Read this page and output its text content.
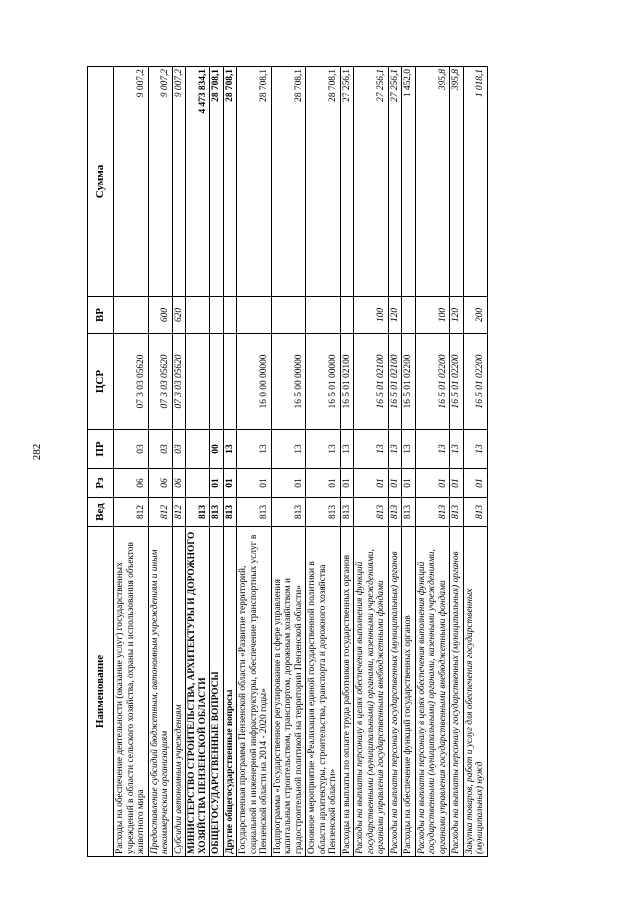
282
Наименование	Вед	Рз	ПР	ЦСР	ВР	Сумма
Расходы на обеспечение деятельности (оказание услуг) государственных учреждений в области сельского хозяйства, охраны и использования объектов животного мира	812	06	03	07 3 03 05620		9 007,2
Предоставление субсидий бюджетным, автономным учреждениям и иным некоммерческим организациям	812	06	03	07 3 03 05620	600	9 007,2
Субсидии автономным учреждениям	812	06	03	07 3 03 05620	620	9 007,2
МИНИСТЕРСТВО СТРОИТЕЛЬСТВА, АРХИТЕКТУРЫ И ДОРОЖНОГО ХОЗЯЙСТВА ПЕНЗЕНСКОЙ ОБЛАСТИ	813					4 473 834,1
ОБЩЕГОСУДАРСТВЕННЫЕ ВОПРОСЫ	813	01	00			28 708,1
Другие общегосударственные вопросы	813	01	13			28 708,1
Государственная программа Пензенской области «Развитие территорий, социальной и инженерной инфраструктуры, обеспечение транспортных услуг в Пензенской области на 2014 - 2020 годы»	813	01	13	16 0 00 00000		28 708,1
Подпрограмма «Государственное регулирование в сфере управления капитальным строительством, транспортом, дорожным хозяйством и градостроительной политикой на территории Пензенской области»	813	01	13	16 5 00 00000		28 708,1
Основное мероприятие «Реализация единой государственной политики в области архитектуры, строительства, транспорта и дорожного хозяйства Пензенской области»	813	01	13	16 5 01 00000		28 708,1
Расходы на выплаты по оплате труда работников государственных органов	813	01	13	16 5 01 02100		27 256,1
Расходы на выплаты персоналу в целях обеспечения выполнения функций государственными (муниципальными) органами, казенными учреждениями, органами управления государственными внебюджетными фондами	813	01	13	16 5 01 02100	100	27 256,1
Расходы на выплаты персоналу государственных (муниципальных) органов	813	01	13	16 5 01 02100	120	27 256,1
Расходы на обеспечение функций государственных органов	813	01	13	16 5 01 02200		1 452,0
Расходы на выплаты персоналу в целях обеспечения выполнения функций государственными (муниципальными) органами, казенными учреждениями, органами управления государственными внебюджетными фондами	813	01	13	16 5 01 02200	100	395,8
Расходы на выплаты персоналу государственных (муниципальных) органов	813	01	13	16 5 01 02200	120	395,8
Закупка товаров, работ и услуг для обеспечения государственных (муниципальных) нужд	813	01	13	16 5 01 02200	200	1 018,1
